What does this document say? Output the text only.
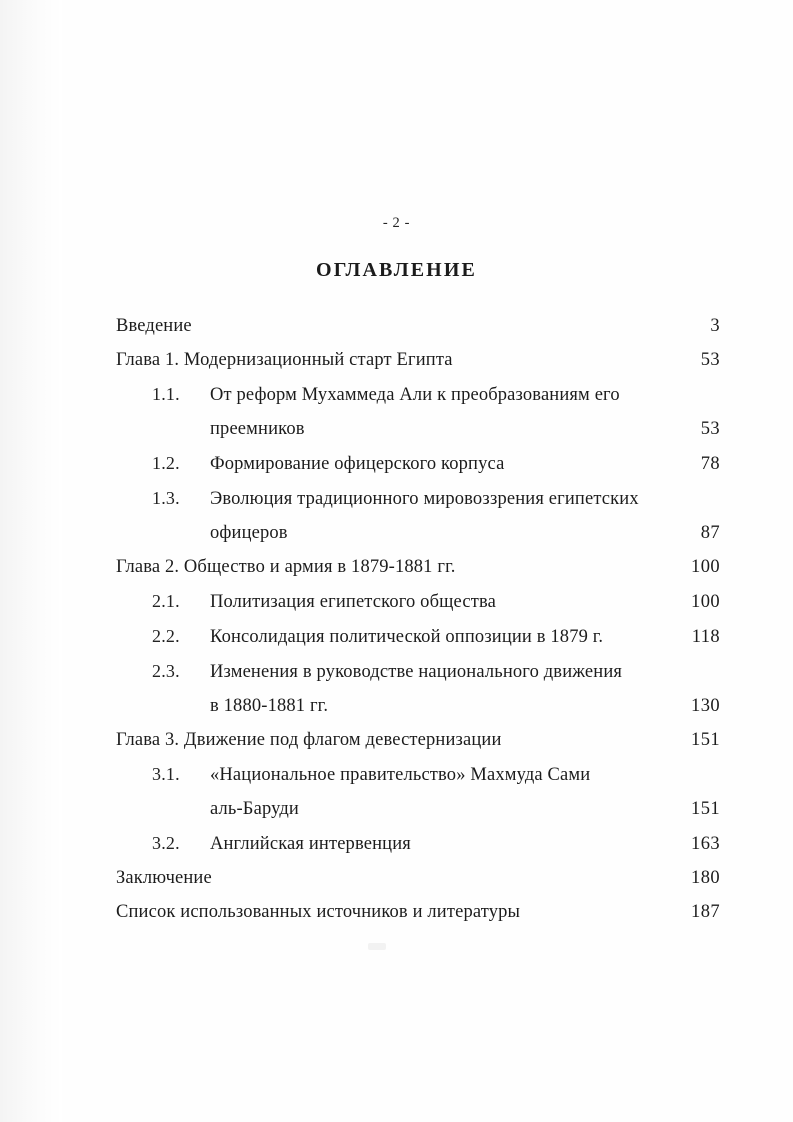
- 2 -
ОГЛАВЛЕНИЕ
Введение	3
Глава 1. Модернизационный старт Египта	53
1.1.	От реформ Мухаммеда Али к преобразованиям его
преемников	53
1.2.	Формирование офицерского корпуса	78
1.3.	Эволюция традиционного мировоззрения египетских
офицеров	87
Глава 2. Общество и армия в 1879-1881 гг.	100
2.1.	Политизация египетского общества	100
2.2.	Консолидация политической оппозиции в 1879 г.	118
2.3.	Изменения в руководстве национального движения
в 1880-1881 гг.	130
Глава 3. Движение под флагом девестернизации	151
3.1.	«Национальное правительство» Махмуда Сами
аль-Баруди	151
3.2.	Английская интервенция	163
Заключение	180
Список использованных источников и литературы	187
